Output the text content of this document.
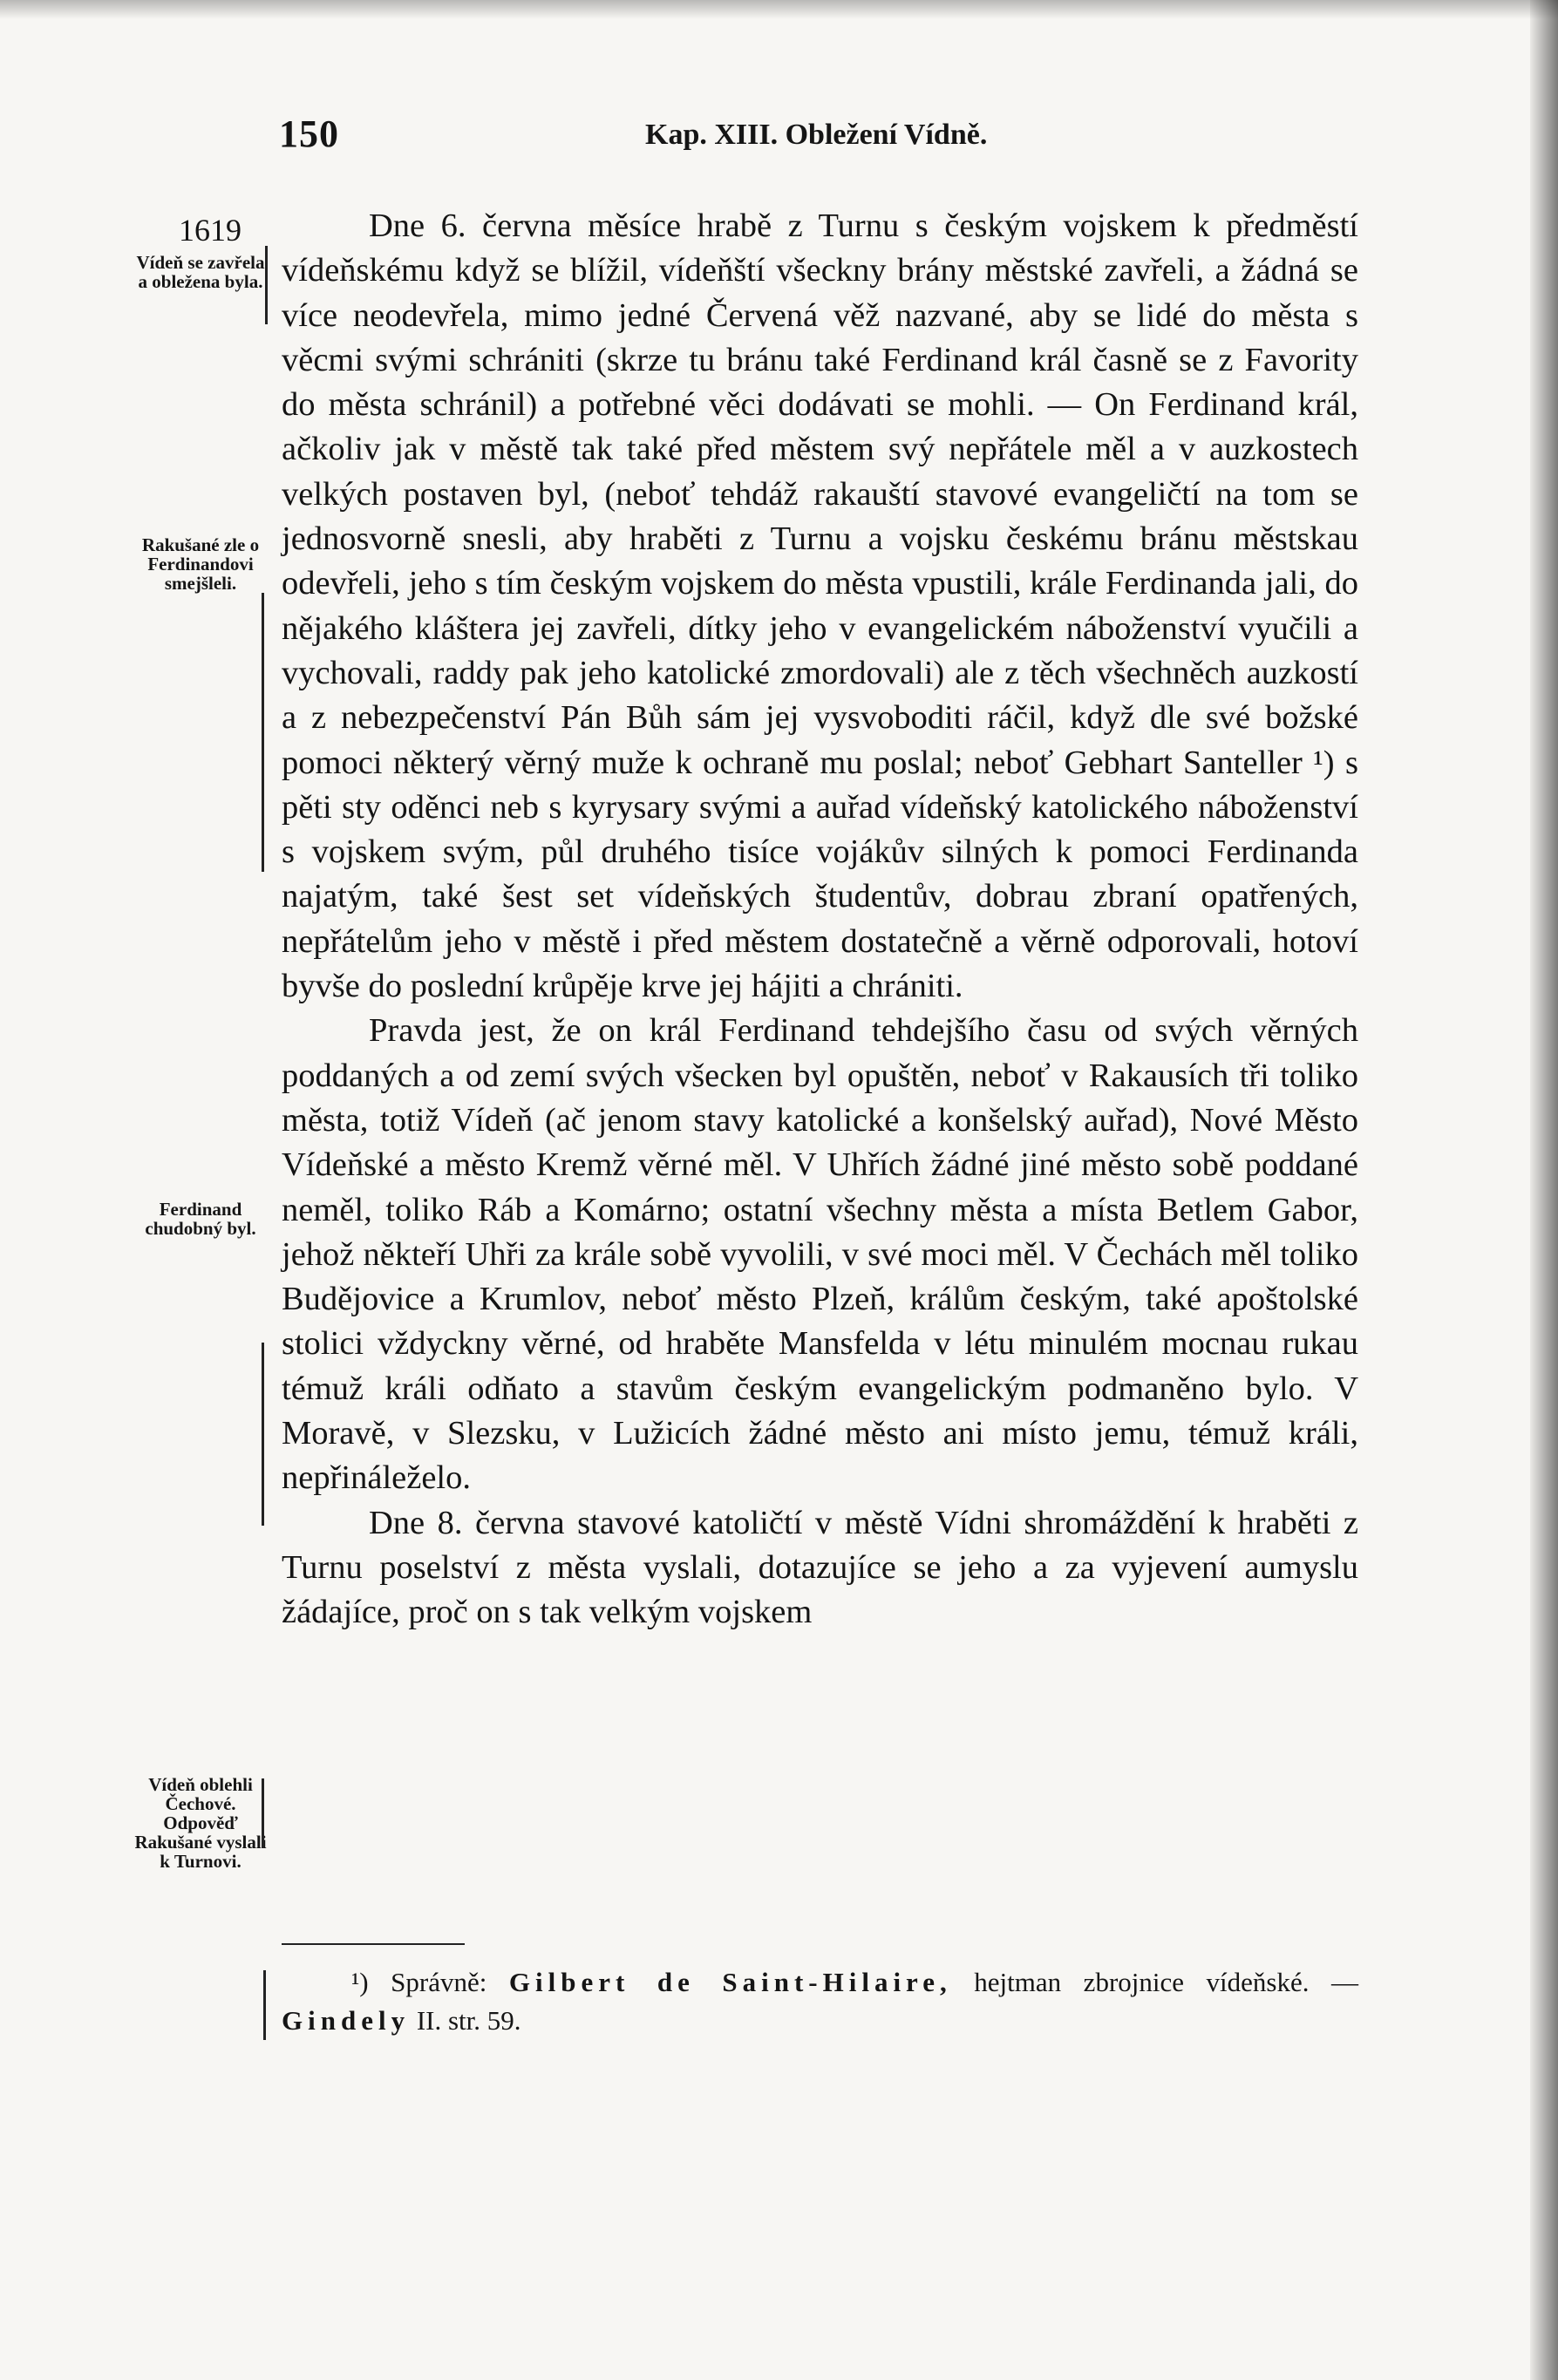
150	Kap. XIII. Obležení Vídně.
1619
Vídeň se zavřela a obležena byla.
Rakušané zle o Ferdinandovi smejšleli.
Ferdinand chudobný byl.
Vídeň oblehli Čechové. Odpověď Rakušané vyslali k Turnovi.

Dne 6. června měsíce hrabě z Turnu s českým vojskem k předměstí vídeňskému když se blížil, vídeňští všeckny brány městské zavřeli, a žádná se více neodevřela, mimo jedné Červená věž nazvané, aby se lidé do města s věcmi svými schrániti (skrze tu bránu také Ferdinand král časně se z Favority do města schránil) a potřebné věci dodávati se mohli. — On Ferdinand král, ačkoliv jak v městě tak také před městem svý nepřátele měl a v auzkostech velkých postaven byl, (neboť tehdáž rakauští stavové evangeličtí na tom se jednosvorně snesli, aby hraběti z Turnu a vojsku českému bránu městskau odevřeli, jeho s tím českým vojskem do města vpustili, krále Ferdinanda jali, do nějakého kláštera jej zavřeli, dítky jeho v evangelickém náboženství vyučili a vychovali, raddy pak jeho katolické zmordovali) ale z těch všechněch auzkostí a z nebezpečenství Pán Bůh sám jej vysvoboditi ráčil, když dle své božské pomoci některý věrný muže k ochraně mu poslal; neboť Gebhart Santeller ¹) s pěti sty oděnci neb s kyrysary svými a auřad vídeňský katolického náboženství s vojskem svým, půl druhého tisíce vojákův silných k pomoci Ferdinanda najatým, také šest set vídeňských študentův, dobrau zbraní opatřených, nepřátelům jeho v městě i před městem dostatečně a věrně odporovali, hotoví byvše do poslední krůpěje krve jej hájiti a chrániti.

Pravda jest, že on král Ferdinand tehdejšího času od svých věrných poddaných a od zemí svých všecken byl opuštěn, neboť v Rakausích tři toliko města, totiž Vídeň (ač jenom stavy katolické a konšelský auřad), Nové Město Vídeňské a město Kremž věrné měl. V Uhřích žádné jiné město sobě poddané neměl, toliko Ráb a Komárno; ostatní všechny města a místa Betlem Gabor, jehož někteří Uhři za krále sobě vyvolili, v své moci měl. V Čechách měl toliko Budějovice a Krumlov, neboť město Plzeň, králům českým, také apoštolské stolici vždyckny věrné, od hraběte Mansfelda v létu minulém mocnau rukau témuž králi odňato a stavům českým evangelickým podmaněno bylo. V Moravě, v Slezsku, v Lužicích žádné město ani místo jemu, témuž králi, nepřináleželo.

Dne 8. června stavové katoličtí v městě Vídni shromáždění k hraběti z Turnu poselství z města vyslali, dotazujíce se jeho a za vyjevení aumyslu žádajíce, proč on s tak velkým vojskem

¹) Správně: Gilbert de Saint-Hilaire, hejtman zbrojnice vídeňské. — Gindely II. str. 59.
